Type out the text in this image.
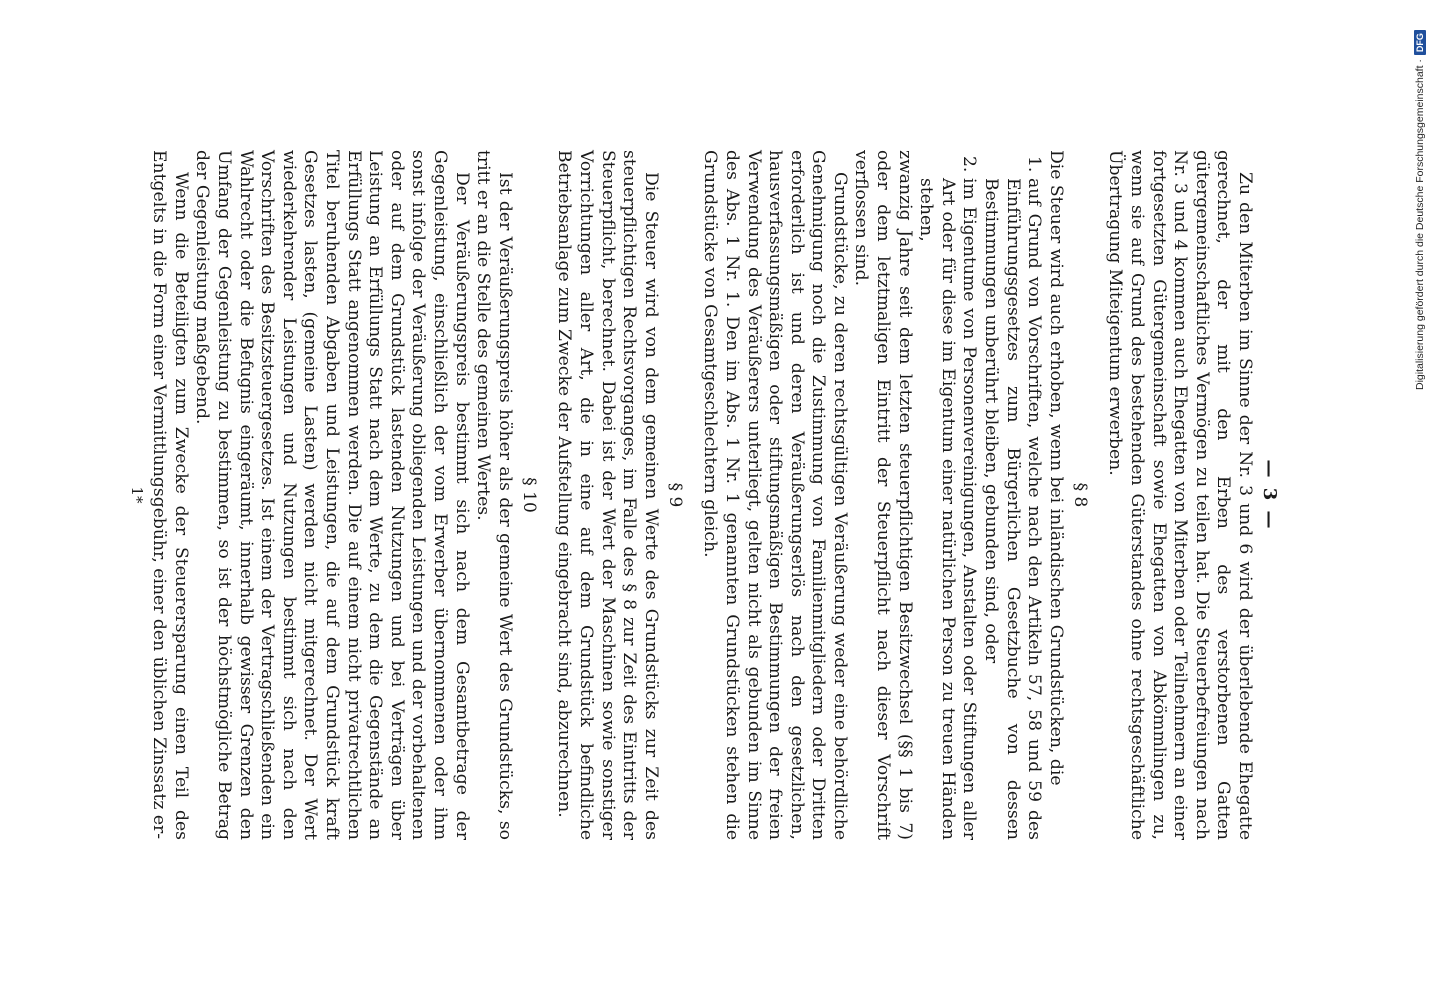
— 3 —

Zu den Miterben im Sinne der Nr. 3 und 6 wird der überlebende Ehegatte gerechnet, der mit den Erben des verstorbenen Gatten gütergemeinschaftliches Vermögen zu teilen hat. Die Steuerbefreiungen nach Nr. 3 und 4 kommen auch Ehegatten von Miterben oder Teilnehmern an einer fortgesetzten Gütergemeinschaft sowie Ehegatten von Abkömmlingen zu, wenn sie auf Grund des bestehenden Güterstandes ohne rechtsgeschäftliche Übertragung Miteigentum erwerben.

§ 8

Die Steuer wird auch erhoben, wenn bei inländischen Grundstücken, die

1.
auf Grund von Vorschriften, welche nach den Artikeln 57, 58 und 59 des Einführungsgesetzes zum Bürgerlichen Gesetzbuche von dessen Bestimmungen unberührt bleiben, gebunden sind, oder
2.
im Eigentume von Personenvereinigungen, Anstalten oder Stiftungen aller Art oder für diese im Eigentum einer natürlichen Person zu treuen Händen stehen,

zwanzig Jahre seit dem letzten steuerpflichtigen Besitzwechsel (§§ 1 bis 7) oder dem letztmaligen Eintritt der Steuerpflicht nach dieser Vorschrift verflossen sind.

Grundstücke, zu deren rechtsgültigen Veräußerung weder eine behördliche Genehmigung noch die Zustimmung von Familienmitgliedern oder Dritten erforderlich ist und deren Veräußerungserlös nach den gesetzlichen, hausverfassungsmäßigen oder stiftungsmäßigen Bestimmungen der freien Verwendung des Veräußerers unterliegt, gelten nicht als gebunden im Sinne des Abs. 1 Nr. 1. Den im Abs. 1 Nr. 1 genannten Grundstücken stehen die Grundstücke von Gesamtgeschlechtern gleich.

§ 9

Die Steuer wird von dem gemeinen Werte des Grundstücks zur Zeit des steuerpflichtigen Rechtsvorganges, im Falle des § 8 zur Zeit des Eintritts der Steuerpflicht, berechnet. Dabei ist der Wert der Maschinen sowie sonstiger Vorrichtungen aller Art, die in eine auf dem Grundstück befindliche Betriebsanlage zum Zwecke der Aufstellung eingebracht sind, abzurechnen.

§ 10

Ist der Veräußerungspreis höher als der gemeine Wert des Grundstücks, so tritt er an die Stelle des gemeinen Wertes.

Der Veräußerungspreis bestimmt sich nach dem Gesamtbetrage der Gegenleistung, einschließlich der vom Erwerber übernommenen oder ihm sonst infolge der Veräußerung obliegenden Leistungen und der vorbehaltenen oder auf dem Grundstück lastenden Nutzungen und bei Verträgen über Leistung an Erfüllungs Statt nach dem Werte, zu dem die Gegenstände an Erfüllungs Statt angenommen werden. Die auf einem nicht privatrechtlichen Titel beruhenden Abgaben und Leistungen, die auf dem Grundstück kraft Gesetzes lasten, (gemeine Lasten) werden nicht mitgerechnet. Der Wert wiederkehrender Leistungen und Nutzungen bestimmt sich nach den Vorschriften des Besitzsteuergesetzes. Ist einem der Vertragschließenden ein Wahlrecht oder die Befugnis eingeräumt, innerhalb gewisser Grenzen den Umfang der Gegenleistung zu bestimmen, so ist der höchstmögliche Betrag der Gegenleistung maßgebend.

Wenn die Beteiligten zum Zwecke der Steuerersparung einen Teil des Entgelts in die Form einer Vermittlungsgebühr, einer den üblichen Zinssatz er-

1*
Digitalisierung gefördert durch die Deutsche Forschungsgemeinschaft ·
DFG
